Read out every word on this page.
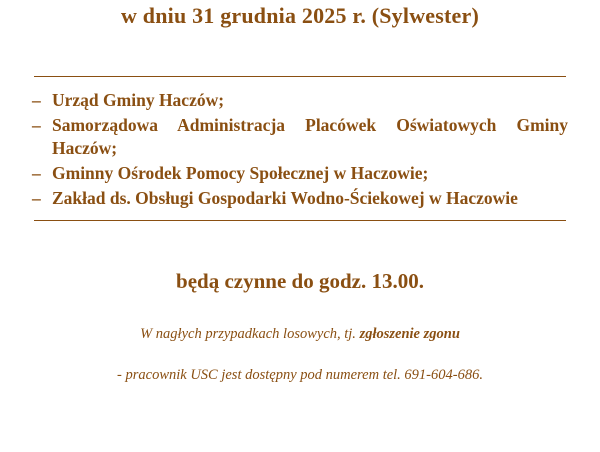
w dniu 31 grudnia 2025 r. (Sylwester)
– Urząd Gminy Haczów;
– Samorządowa Administracja Placówek Oświatowych Gminy Haczów;
– Gminny Ośrodek Pomocy Społecznej w Haczowie;
– Zakład ds. Obsługi Gospodarki Wodno-Ściekowej w Haczowie
będą czynne do godz. 13.00.
W nagłych przypadkach losowych, tj. zgłoszenie zgonu
- pracownik USC jest dostępny pod numerem tel. 691-604-686.
